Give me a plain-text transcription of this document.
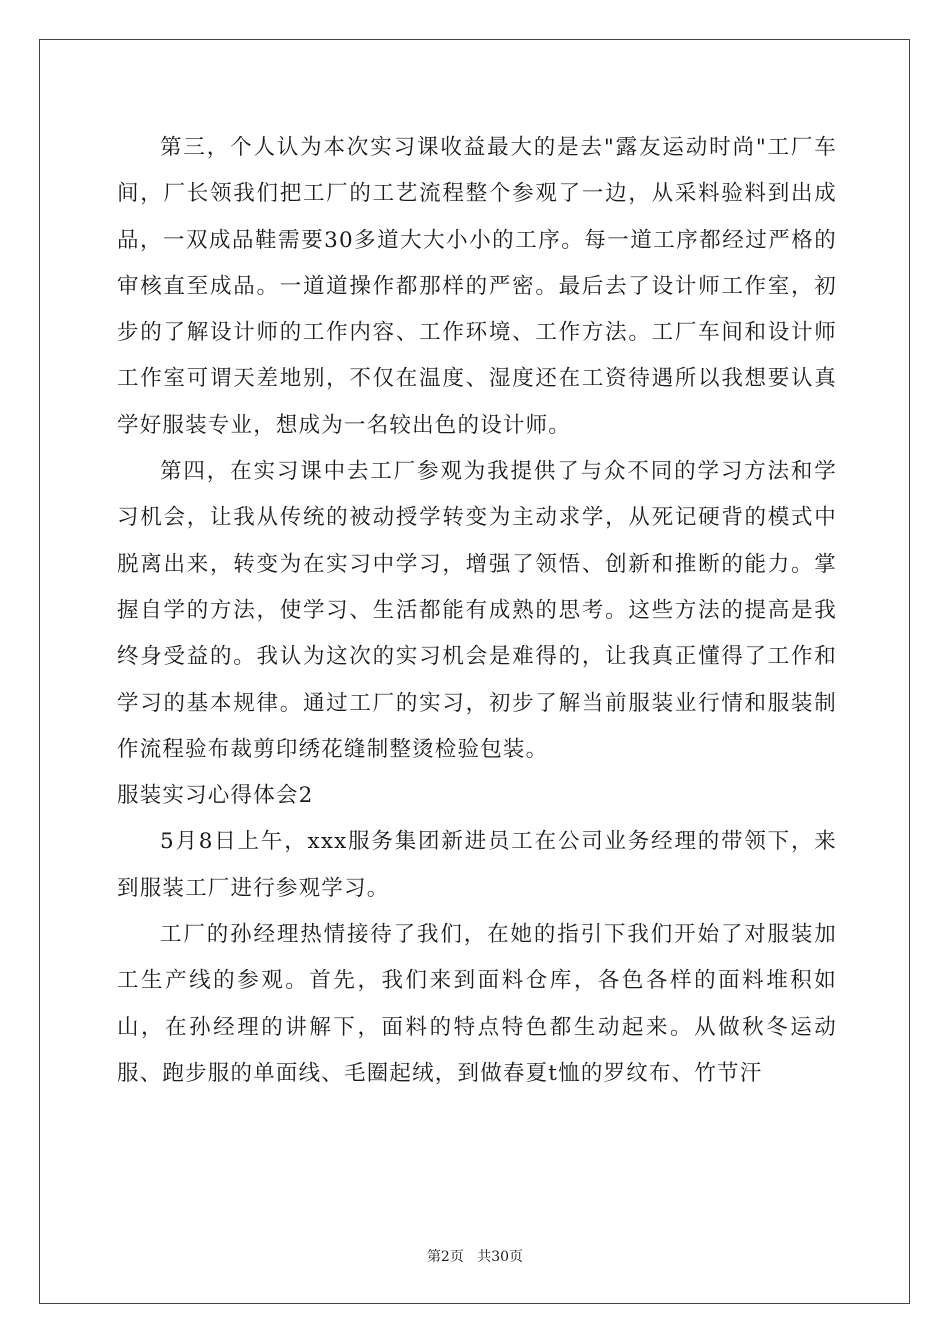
第三，个人认为本次实习课收益最大的是去"露友运动时尚"工厂车间，厂长领我们把工厂的工艺流程整个参观了一边，从采料验料到出成品，一双成品鞋需要30多道大大小小的工序。每一道工序都经过严格的审核直至成品。一道道操作都那样的严密。最后去了设计师工作室，初步的了解设计师的工作内容、工作环境、工作方法。工厂车间和设计师工作室可谓天差地别，不仅在温度、湿度还在工资待遇所以我想要认真学好服装专业，想成为一名较出色的设计师。

第四，在实习课中去工厂参观为我提供了与众不同的学习方法和学习机会，让我从传统的被动授学转变为主动求学，从死记硬背的模式中脱离出来，转变为在实习中学习，增强了领悟、创新和推断的能力。掌握自学的方法，使学习、生活都能有成熟的思考。这些方法的提高是我终身受益的。我认为这次的实习机会是难得的，让我真正懂得了工作和学习的基本规律。通过工厂的实习，初步了解当前服装业行情和服装制作流程验布裁剪印绣花缝制整烫检验包装。

服装实习心得体会2

5月8日上午，xxx服务集团新进员工在公司业务经理的带领下，来到服装工厂进行参观学习。

工厂的孙经理热情接待了我们，在她的指引下我们开始了对服装加工生产线的参观。首先，我们来到面料仓库，各色各样的面料堆积如山，在孙经理的讲解下，面料的特点特色都生动起来。从做秋冬运动服、跑步服的单面线、毛圈起绒，到做春夏t恤的罗纹布、竹节汗

第2页 共30页
